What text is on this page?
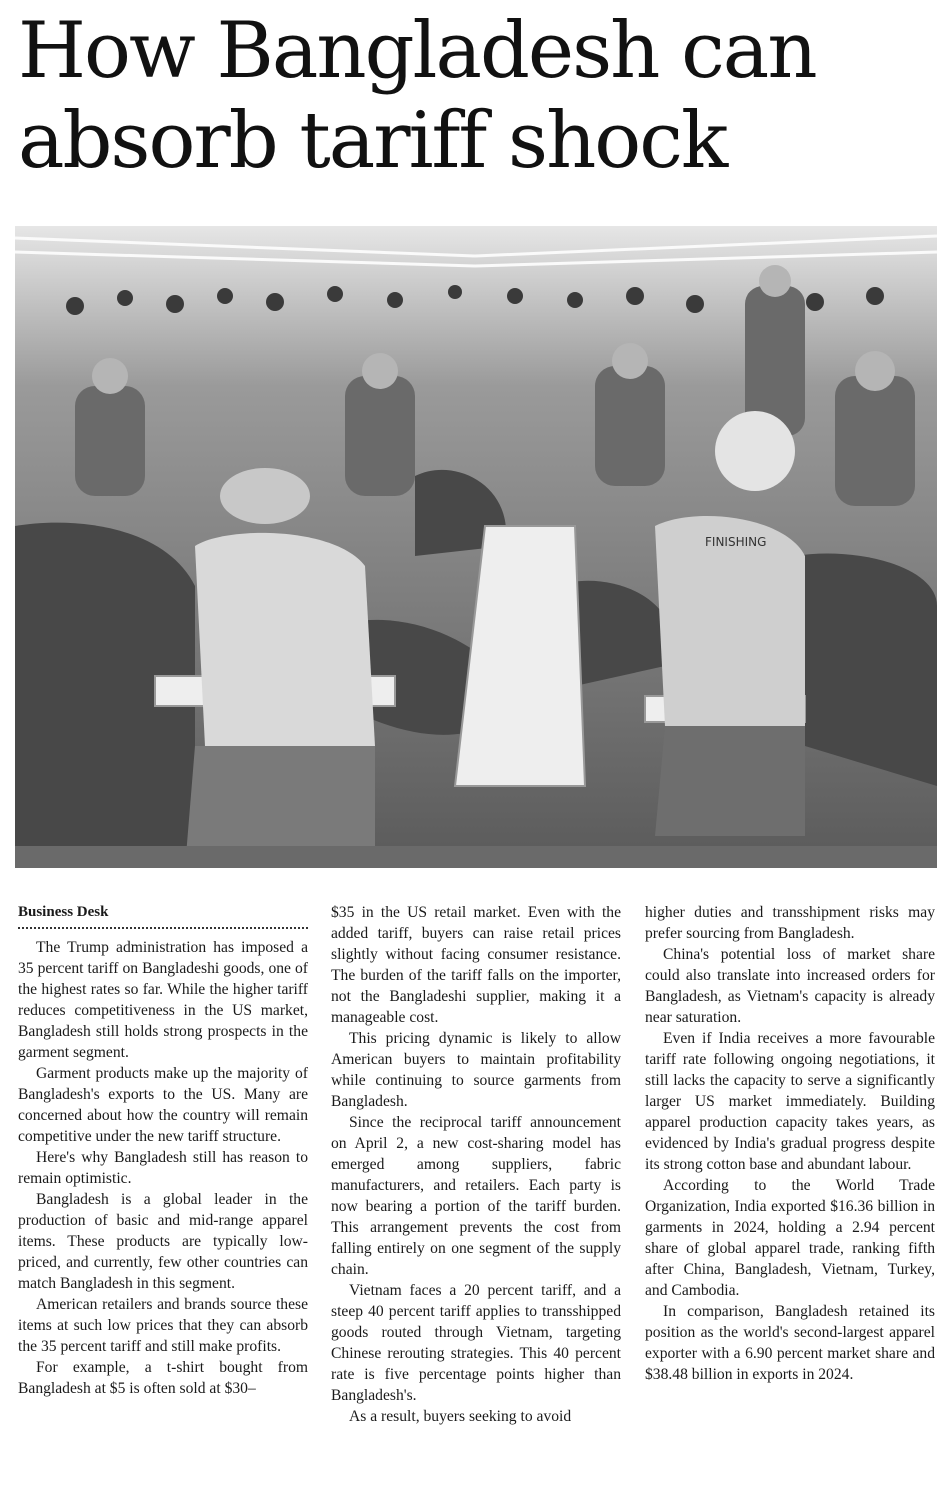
How Bangladesh can absorb tariff shock
FINISHING
Business Desk

The Trump administration has imposed a 35 percent tariff on Bangladeshi goods, one of the highest rates so far. While the higher tariff reduces competitiveness in the US market, Bangladesh still holds strong prospects in the garment segment.

Garment products make up the majority of Bangladesh's exports to the US. Many are concerned about how the country will remain competitive under the new tariff structure.

Here's why Bangladesh still has reason to remain optimistic.

Bangladesh is a global leader in the production of basic and mid-range apparel items. These products are typically low-priced, and currently, few other countries can match Bangladesh in this segment.

American retailers and brands source these items at such low prices that they can absorb the 35 percent tariff and still make profits.

For example, a t-shirt bought from Bangladesh at $5 is often sold at $30–

$35 in the US retail market. Even with the added tariff, buyers can raise retail prices slightly without facing consumer resistance. The burden of the tariff falls on the importer, not the Bangladeshi supplier, making it a manageable cost.

This pricing dynamic is likely to allow American buyers to maintain profitability while continuing to source garments from Bangladesh.

Since the reciprocal tariff announcement on April 2, a new cost-sharing model has emerged among suppliers, fabric manufacturers, and retailers. Each party is now bearing a portion of the tariff burden. This arrangement prevents the cost from falling entirely on one segment of the supply chain.

Vietnam faces a 20 percent tariff, and a steep 40 percent tariff applies to transshipped goods routed through Vietnam, targeting Chinese rerouting strategies. This 40 percent rate is five percentage points higher than Bangladesh's.

As a result, buyers seeking to avoid

higher duties and transshipment risks may prefer sourcing from Bangladesh.

China's potential loss of market share could also translate into increased orders for Bangladesh, as Vietnam's capacity is already near saturation.

Even if India receives a more favourable tariff rate following ongoing negotiations, it still lacks the capacity to serve a significantly larger US market immediately. Building apparel production capacity takes years, as evidenced by India's gradual progress despite its strong cotton base and abundant labour.

According to the World Trade Organization, India exported $16.36 billion in garments in 2024, holding a 2.94 percent share of global apparel trade, ranking fifth after China, Bangladesh, Vietnam, Turkey, and Cambodia.

In comparison, Bangladesh retained its position as the world's second-largest apparel exporter with a 6.90 percent market share and $38.48 billion in exports in 2024.
